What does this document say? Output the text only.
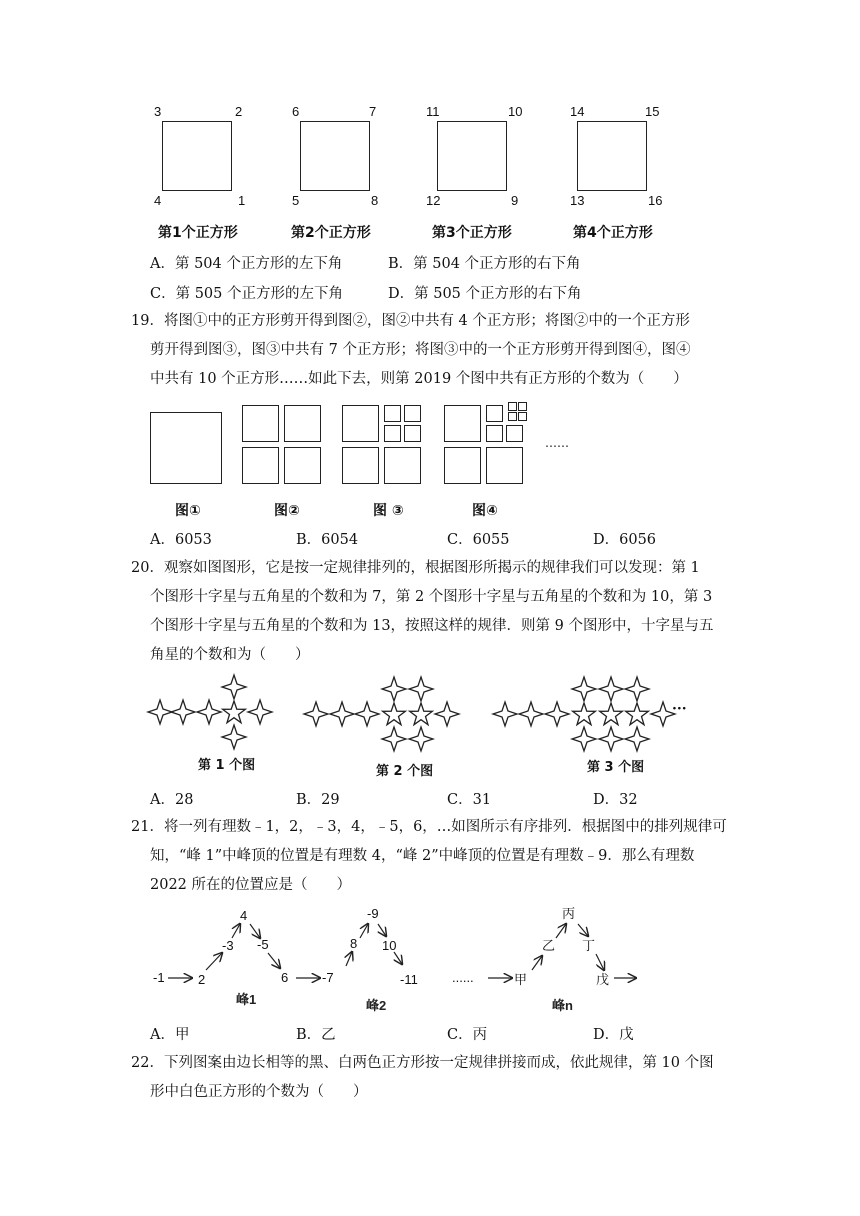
3	2
4	1
第1个正方形
6	7
5	8
第2个正方形
11	10
12	9
第3个正方形
14	15
13	16
第4个正方形
A．第 504 个正方形的左下角	B．第 504 个正方形的右下角
C．第 505 个正方形的左下角	D．第 505 个正方形的右下角
19．将图①中的正方形剪开得到图②，图②中共有 4 个正方形；将图②中的一个正方形
剪开得到图③，图③中共有 7 个正方形；将图③中的一个正方形剪开得到图④，图④
中共有 10 个正方形……如此下去，则第 2019 个图中共有正方形的个数为（　　）
……
图①	图②	图 ③	图④
A．6053	B．6054	C．6055	D．6056
20．观察如图图形，它是按一定规律排列的，根据图形所揭示的规律我们可以发现：第 1
个图形十字星与五角星的个数和为 7，第 2 个图形十字星与五角星的个数和为 10，第 3
个图形十字星与五角星的个数和为 13，按照这样的规律．则第 9 个图形中，十字星与五
角星的个数和为（　　）
···
第 1 个图	第 2 个图	第 3 个图
A．28	B．29	C．31	D．32
21．将一列有理数﹣1，2，﹣3，4，﹣5，6，…如图所示有序排列．根据图中的排列规律可
知，“峰 1”中峰顶的位置是有理数 4，“峰 2”中峰顶的位置是有理数﹣9．那么有理数
2022 所在的位置应是（　　）
-1	2
-3
4
-5
6	-7
8
-9
10
-11	......	甲
乙
丙
丁
戊
峰1	峰2	峰n
A．甲	B．乙	C．丙	D．戊
22．下列图案由边长相等的黑、白两色正方形按一定规律拼接而成，依此规律，第 10 个图
形中白色正方形的个数为（　　）
